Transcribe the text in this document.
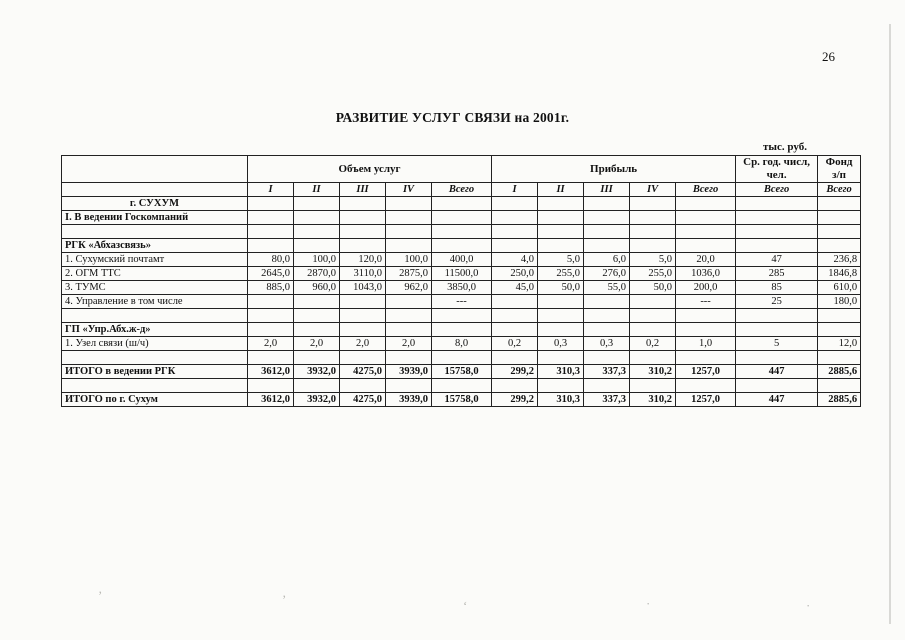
26
РАЗВИТИЕ УСЛУГ СВЯЗИ на 2001г.
тыс. руб.
	Объем услуг					Прибыль					Ср. год. числ, чел.	Фонд з/п
	I	II	III	IV	Всего	I	II	III	IV	Всего	Всего	Всего
г. СУХУМ												
I. В ведении Госкомпаний												

РГК «Абхазсвязь»												
1. Сухумский почтамт	80,0	100,0	120,0	100,0	400,0	4,0	5,0	6,0	5,0	20,0	47	236,8
2. ОГМ ТТС	2645,0	2870,0	3110,0	2875,0	11500,0	250,0	255,0	276,0	255,0	1036,0	285	1846,8
3. ТУМС	885,0	960,0	1043,0	962,0	3850,0	45,0	50,0	55,0	50,0	200,0	85	610,0
4. Управление в том числе					---					---	25	180,0

ГП «Упр.Абх.ж-д»												
1. Узел связи (ш/ч)	2,0	2,0	2,0	2,0	8,0	0,2	0,3	0,3	0,2	1,0	5	12,0

ИТОГО в ведении РГК	3612,0	3932,0	4275,0	3939,0	15758,0	299,2	310,3	337,3	310,2	1257,0	447	2885,6

ИТОГО по г. Сухум	3612,0	3932,0	4275,0	3939,0	15758,0	299,2	310,3	337,3	310,2	1257,0	447	2885,6
’	’	‘	·	·
